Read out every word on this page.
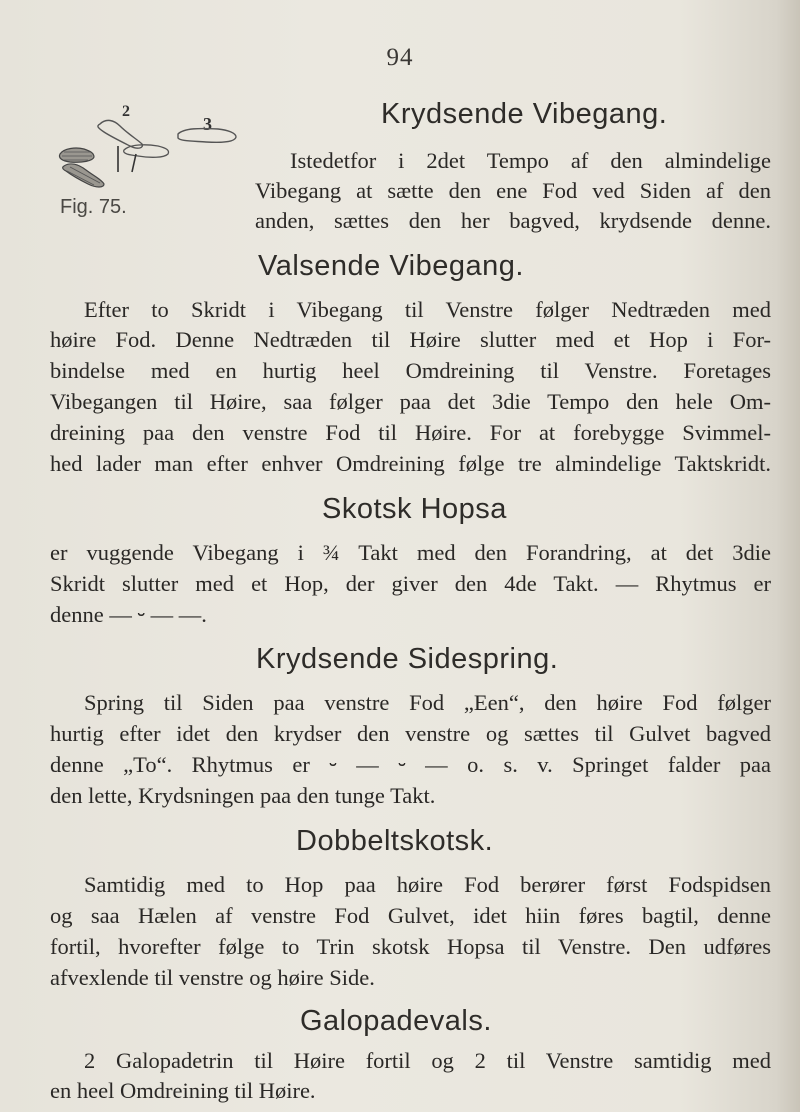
94
2
3
Fig. 75.
Krydsende Vibegang.
Istedetfor i 2det Tempo af den almindelige
Vibegang at sætte den ene Fod ved Siden af den
anden, sættes den her bagved, krydsende denne.
Valsende Vibegang.
Efter to Skridt i Vibegang til Venstre følger Nedtræden med
høire Fod. Denne Nedtræden til Høire slutter med et Hop i For-
bindelse med en hurtig heel Omdreining til Venstre. Foretages
Vibegangen til Høire, saa følger paa det 3die Tempo den hele Om-
dreining paa den venstre Fod til Høire. For at forebygge Svimmel-
hed lader man efter enhver Omdreining følge tre almindelige Taktskridt.
Skotsk Hopsa
er vuggende Vibegang i ¾ Takt med den Forandring, at det 3die
Skridt slutter med et Hop, der giver den 4de Takt. — Rhytmus er
denne — ⏑ — —.
Krydsende Sidespring.
Spring til Siden paa venstre Fod „Een“, den høire Fod følger
hurtig efter idet den krydser den venstre og sættes til Gulvet bagved
denne „To“. Rhytmus er ⏑ — ⏑ — o. s. v. Springet falder paa
den lette, Krydsningen paa den tunge Takt.
Dobbeltskotsk.
Samtidig med to Hop paa høire Fod berører først Fodspidsen
og saa Hælen af venstre Fod Gulvet, idet hiin føres bagtil, denne
fortil, hvorefter følge to Trin skotsk Hopsa til Venstre. Den udføres
afvexlende til venstre og høire Side.
Galopadevals.
2 Galopadetrin til Høire fortil og 2 til Venstre samtidig med
en heel Omdreining til Høire.
